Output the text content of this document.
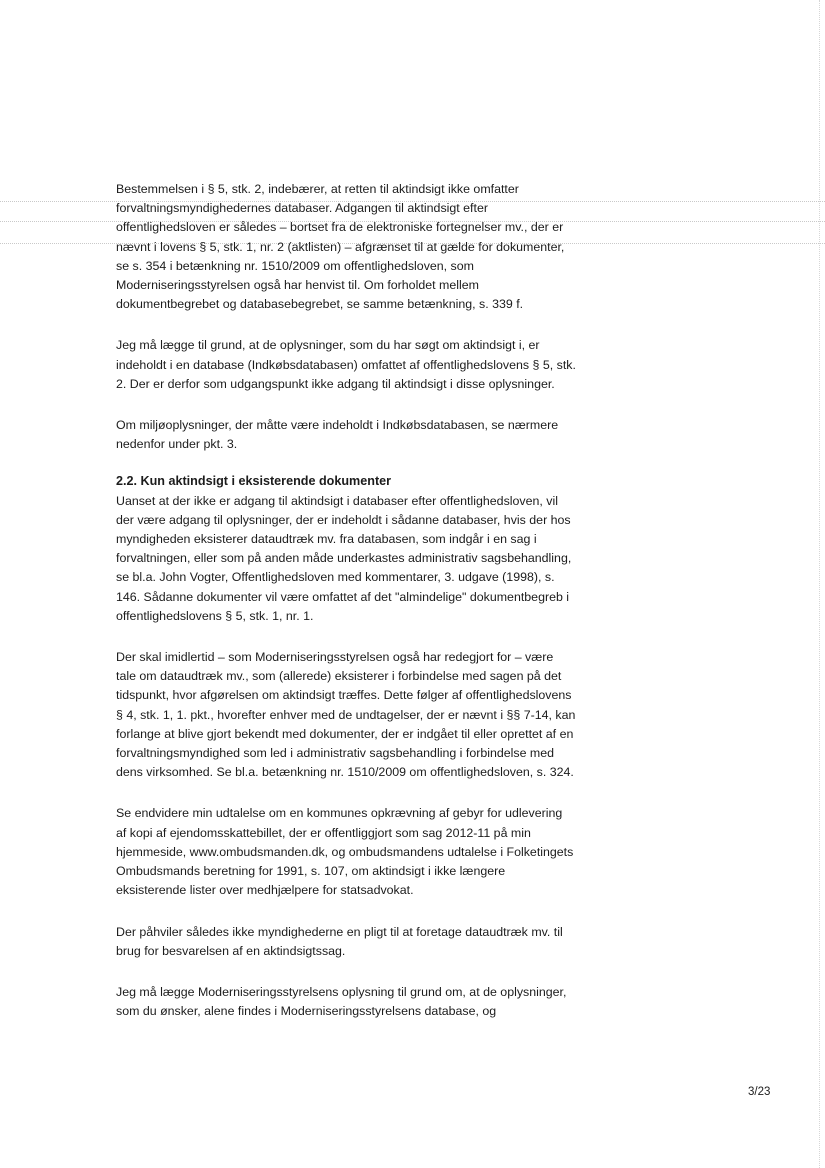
Bestemmelsen i § 5, stk. 2, indebærer, at retten til aktindsigt ikke omfatter forvaltningsmyndighedernes databaser. Adgangen til aktindsigt efter offentlighedsloven er således – bortset fra de elektroniske fortegnelser mv., der er nævnt i lovens § 5, stk. 1, nr. 2 (aktlisten) – afgrænset til at gælde for dokumenter, se s. 354 i betænkning nr. 1510/2009 om offentlighedsloven, som Moderniseringsstyrelsen også har henvist til. Om forholdet mellem dokumentbegrebet og databasebegrebet, se samme betænkning, s. 339 f.

Jeg må lægge til grund, at de oplysninger, som du har søgt om aktindsigt i, er indeholdt i en database (Indkøbsdatabasen) omfattet af offentlighedslovens § 5, stk. 2. Der er derfor som udgangspunkt ikke adgang til aktindsigt i disse oplysninger.

Om miljøoplysninger, der måtte være indeholdt i Indkøbsdatabasen, se nærmere nedenfor under pkt. 3.

2.2. Kun aktindsigt i eksisterende dokumenter

Uanset at der ikke er adgang til aktindsigt i databaser efter offentlighedsloven, vil der være adgang til oplysninger, der er indeholdt i sådanne databaser, hvis der hos myndigheden eksisterer dataudtræk mv. fra databasen, som indgår i en sag i forvaltningen, eller som på anden måde underkastes administrativ sagsbehandling, se bl.a. John Vogter, Offentlighedsloven med kommentarer, 3. udgave (1998), s. 146. Sådanne dokumenter vil være omfattet af det "almindelige" dokumentbegreb i offentlighedslovens § 5, stk. 1, nr. 1.

Der skal imidlertid – som Moderniseringsstyrelsen også har redegjort for – være tale om dataudtræk mv., som (allerede) eksisterer i forbindelse med sagen på det tidspunkt, hvor afgørelsen om aktindsigt træffes. Dette følger af offentlighedslovens § 4, stk. 1, 1. pkt., hvorefter enhver med de undtagelser, der er nævnt i §§ 7-14, kan forlange at blive gjort bekendt med dokumenter, der er indgået til eller oprettet af en forvaltningsmyndighed som led i administrativ sagsbehandling i forbindelse med dens virksomhed. Se bl.a. betænkning nr. 1510/2009 om offentlighedsloven, s. 324.

Se endvidere min udtalelse om en kommunes opkrævning af gebyr for udlevering af kopi af ejendomsskattebillet, der er offentliggjort som sag 2012-11 på min hjemmeside, www.ombudsmanden.dk, og ombudsmandens udtalelse i Folketingets Ombudsmands beretning for 1991, s. 107, om aktindsigt i ikke længere eksisterende lister over medhjælpere for statsadvokat.

Der påhviler således ikke myndighederne en pligt til at foretage dataudtræk mv. til brug for besvarelsen af en aktindsigtssag.

Jeg må lægge Moderniseringsstyrelsens oplysning til grund om, at de oplysninger, som du ønsker, alene findes i Moderniseringsstyrelsens database, og

3/23
